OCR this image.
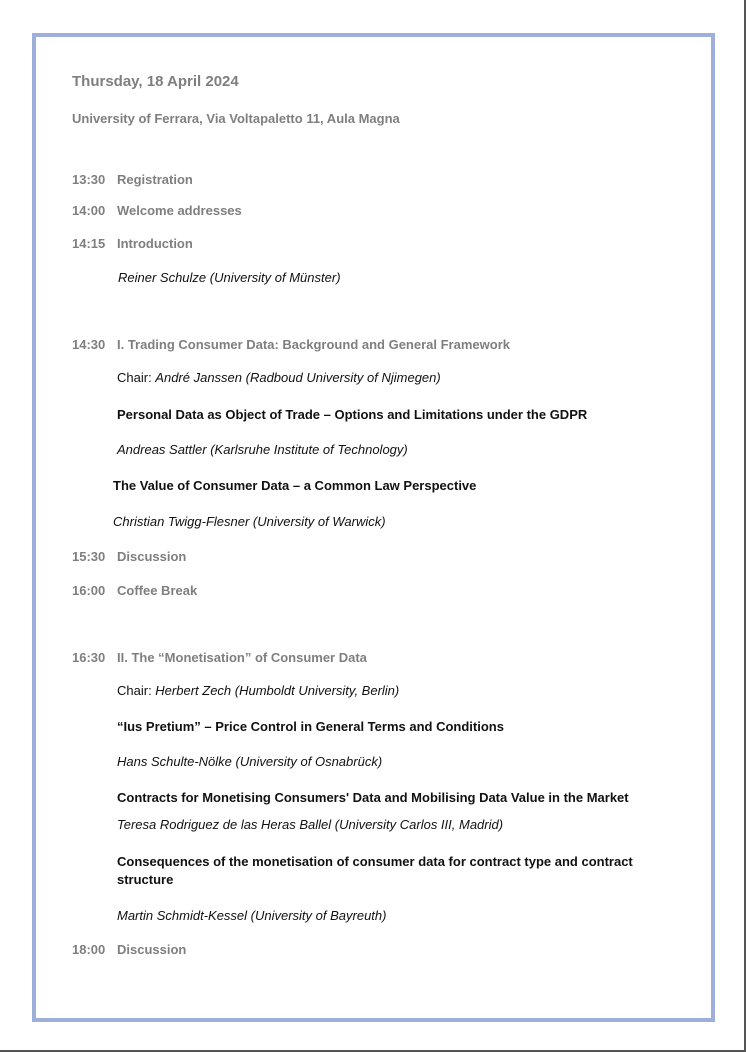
Thursday, 18 April 2024
University of Ferrara, Via Voltapaletto 11, Aula Magna
13:30 Registration
14:00 Welcome addresses
14:15 Introduction
Reiner Schulze (University of Münster)
14:30 I. Trading Consumer Data: Background and General Framework
Chair: André Janssen (Radboud University of Njimegen)
Personal Data as Object of Trade – Options and Limitations under the GDPR
Andreas Sattler (Karlsruhe Institute of Technology)
The Value of Consumer Data – a Common Law Perspective
Christian Twigg-Flesner (University of Warwick)
15:30 Discussion
16:00 Coffee Break
16:30 II. The “Monetisation” of Consumer Data
Chair: Herbert Zech (Humboldt University, Berlin)
“Ius Pretium” – Price Control in General Terms and Conditions
Hans Schulte-Nölke (University of Osnabrück)
Contracts for Monetising Consumers' Data and Mobilising Data Value in the Market
Teresa Rodriguez de las Heras Ballel (University Carlos III, Madrid)
Consequences of the monetisation of consumer data for contract type and contract structure
Martin Schmidt-Kessel (University of Bayreuth)
18:00 Discussion
